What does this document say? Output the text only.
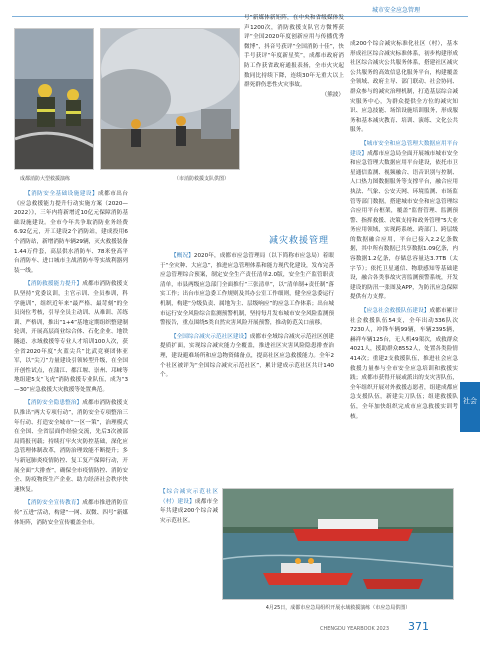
城市安全应急管理
成都消防大型救援演练	（市消防救援支队供图）

【消防安全基础设施建设】成都市出台《应急救援能力提升行动实施方案（2020—2022）》，三年内将新增近10亿元保障消防基础设施建设。全市今年共争取消防业务经费6.92亿元，开工建设2个消防站，建成投用6个消防站，新增消防车辆29辆，灭火救援装备1.44万件套，高层供水消防车、78米登高平台消防车、进口城市主战消防车等实战利器列装一线。

【消防救援能力提升】成都市消防救援支队坚持“党委议训，主官示训、全员参训，科学施训”，组织近年来“最严格、最苛刻”的全员岗位考核，引导全员主动训、从难训、苦练训、严格训，推出“1+4”基地定期组织整建制轮训，开展高层商业综合体、石化企业、地铁隧道、水域救援等专业人才培训100人次，获全省2020年度“火蓝尖兵”比武竞赛团体亚军，以“尖刀”力量建设引领转型升级，在全国开创性试点，在蒲江、都江堰、崇州、邛崃等地组建5支“飞虎”消防救援专业队伍，成为“3—30”应急救援大灾救援等处置典范。

【消防安全隐患整治】成都市消防救援支队推出“两大专项行动”，消防安全专项整治三年行动、打造安全城市“一区一策”，治理模式在全国、全省层面作经验交流，先后3次被部局简报刊载；持续打牢火灾防控基础，深化应急管理体制改革，消防治理效能不断提升；多与新冠肺炎疫情防控、复工复产保障行动，开展全面“大排查”，确保全市疫情防控、消防安全、防疫物资生产企业、助力经济社会秩序快速恢复。

【消防安全宣传教育】成都市推进消防宣传“五进”活动，构建“一网、双微、四号”新媒体矩阵，消防安全宣传覆盖全市。

号”新媒体新矩阵，在中央和省级媒体发声1200次，消防救援支队官方微博获评“全国2020年度创新应用与传播优秀微博”，抖音号获评“全国消防十佳”，快手号获评“年度新星奖”，成都市政府消防工作获省政府通报表扬，全市火灾起数同比持续下降，连续30年无重大以上群死群伤恶性火灾事故。

（熊波）

减灾救援管理

【概况】2020年，成都市应急管理局（以下简称市应急局）着眼于“全灾种、大应急”，推进应急管理体系和能力现代化建设，发布完善应急管理综合预案，制定安全生产责任清单2.0版，安全生产监管职责清单，市县两级应急部门全面推行“三张清单”，以“清单制+责任制”落实工作；出台市应急委工作规则及其办公室工作细则，健全应急委运行机制，构建“分级负责、属地为主、层级响应”的应急工作体系；出台城市运行安全风险综合监测预警机制，坚持每月发布城市安全风险监测预警报告，重点围绕5类自然灾害风险开展预警，推动防范关口前移。

【全国综合减灾示范社区建设】成都市全域综合减灾示范社区创建提质扩面，实现综合减灾能力全覆盖，推进社区灾害风险隐患排查治理，建设避难场所和应急物资储备点，提高社区应急救援能力。全年2个社区被评为“全国综合减灾示范社区”，累计建成示范社区共计140个。

【综合减灾示范社区（村）建设】成都市全年共建成200个综合减灾示范社区。

4月25日，成都市应急局组织开展水域救援演练（市应急局供图）

成200个综合减灾标准化社区（村），基本形成社区综合减灾标准体系，初步构建形成社区综合减灾公共服务体系，搭建社区减灾公共服务的高效信息化服务平台，构建覆盖全领域、政府主导、部门联动、社会协同、群众参与的减灾治理机制，打造基层综合减灾服务中心，为群众提供全方位的减灾知识、应急技能、场馆设施培训服务，形成服务和基本减灾教育、培训、演练、文化公共服务。

【城市安全和应急管理大数据应用平台建设】成都市应急局全面开展城市城市安全和应急管理大数据应用平台建设，依托市卫星通信监测、视频融合、语音识别与控制、人口热力图数据服务等支撑平台，融合应用执法、气象、公安天网、环境监测、市场监管等部门数据，搭建城市安全和应急管理综合应用平台框架，覆盖“监督管理、监测预警、指挥救援、决策支持和政务管理”5大业务应用领域，实现跨系统、跨部门、跨层级的数据融合应用，平台已接入2.2亿条数据，其中所有数据已共享数据1.09亿条，内容数据1.2亿条，存储总容量达3.7TB（太字节）；依托卫星通信、物联感知等基础建设，融合各类事故灾害监测预警系统，开发建设的防汛一张图及APP，为防汛应急保障提供有力支撑。

【应急社会救援队伍建设】成都市累计社会救援队伍54支，全年出动336队次7230人，冲锋车辆99辆，车辆2395辆，赫祥车辆125台，无人机49架次，成救群众4021人，援助群众8552人，处置各类险情414次；重建2支救援队伍，推进社会应急救援力量参与全市安全应急培训和救援实践；成都市获得开展或派出的支灾害队伍，全年组织开展对外救援志愿者，组建成都应急支援队伍，新建尖刀队伍；组建救援队伍，全年加快组织完成市应急救援实训考核。

社会
CHENGDU YEARBOOK 2023 371
